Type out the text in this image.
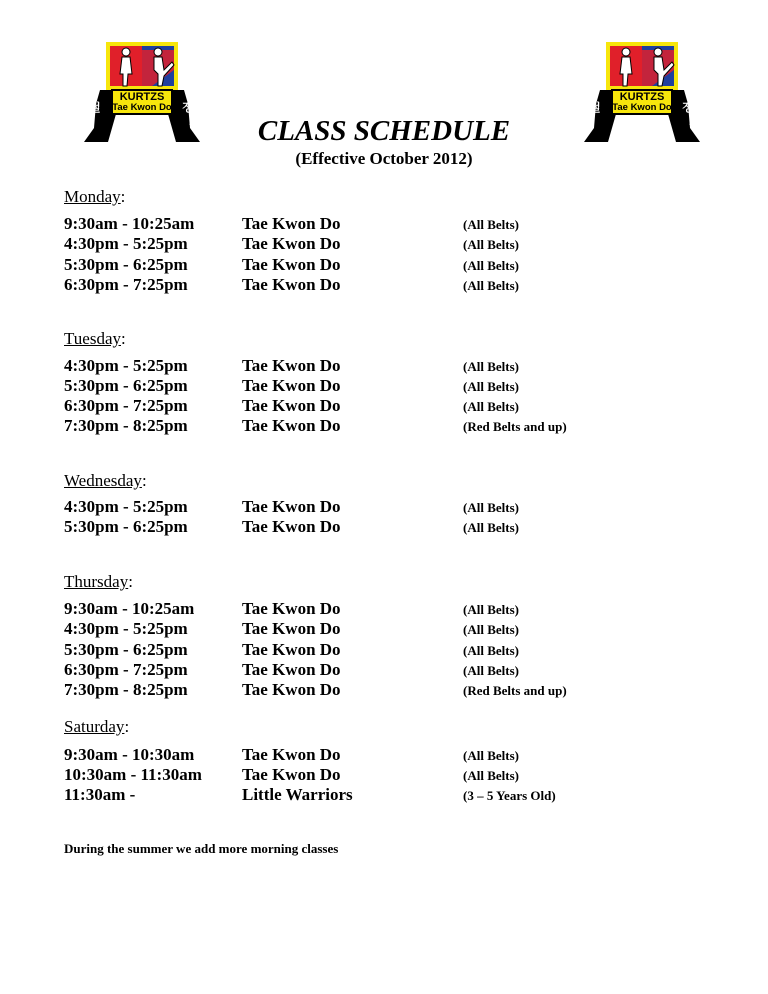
KURTZS
Tae Kwon Do
절
송
정
신
KURTZS
Tae Kwon Do
절
송
정
신
CLASS SCHEDULE
(Effective October 2012)
Monday:
9:30am - 10:25am	Tae Kwon Do	(All Belts)
4:30pm - 5:25pm	Tae Kwon Do	(All Belts)
5:30pm - 6:25pm	Tae Kwon Do	(All Belts)
6:30pm - 7:25pm	Tae Kwon Do	(All Belts)
Tuesday:
4:30pm - 5:25pm	Tae Kwon Do	(All Belts)
5:30pm - 6:25pm	Tae Kwon Do	(All Belts)
6:30pm - 7:25pm	Tae Kwon Do	(All Belts)
7:30pm - 8:25pm	Tae Kwon Do	(Red Belts and up)
Wednesday:
4:30pm - 5:25pm	Tae Kwon Do	(All Belts)
5:30pm - 6:25pm	Tae Kwon Do	(All Belts)
Thursday:
9:30am - 10:25am	Tae Kwon Do	(All Belts)
4:30pm - 5:25pm	Tae Kwon Do	(All Belts)
5:30pm - 6:25pm	Tae Kwon Do	(All Belts)
6:30pm - 7:25pm	Tae Kwon Do	(All Belts)
7:30pm - 8:25pm	Tae Kwon Do	(Red Belts and up)
Saturday:
9:30am - 10:30am	Tae Kwon Do	(All Belts)
10:30am - 11:30am Tae Kwon Do	(All Belts)
11:30am -	Little Warriors	(3 – 5 Years Old)
During the summer we add more morning classes
